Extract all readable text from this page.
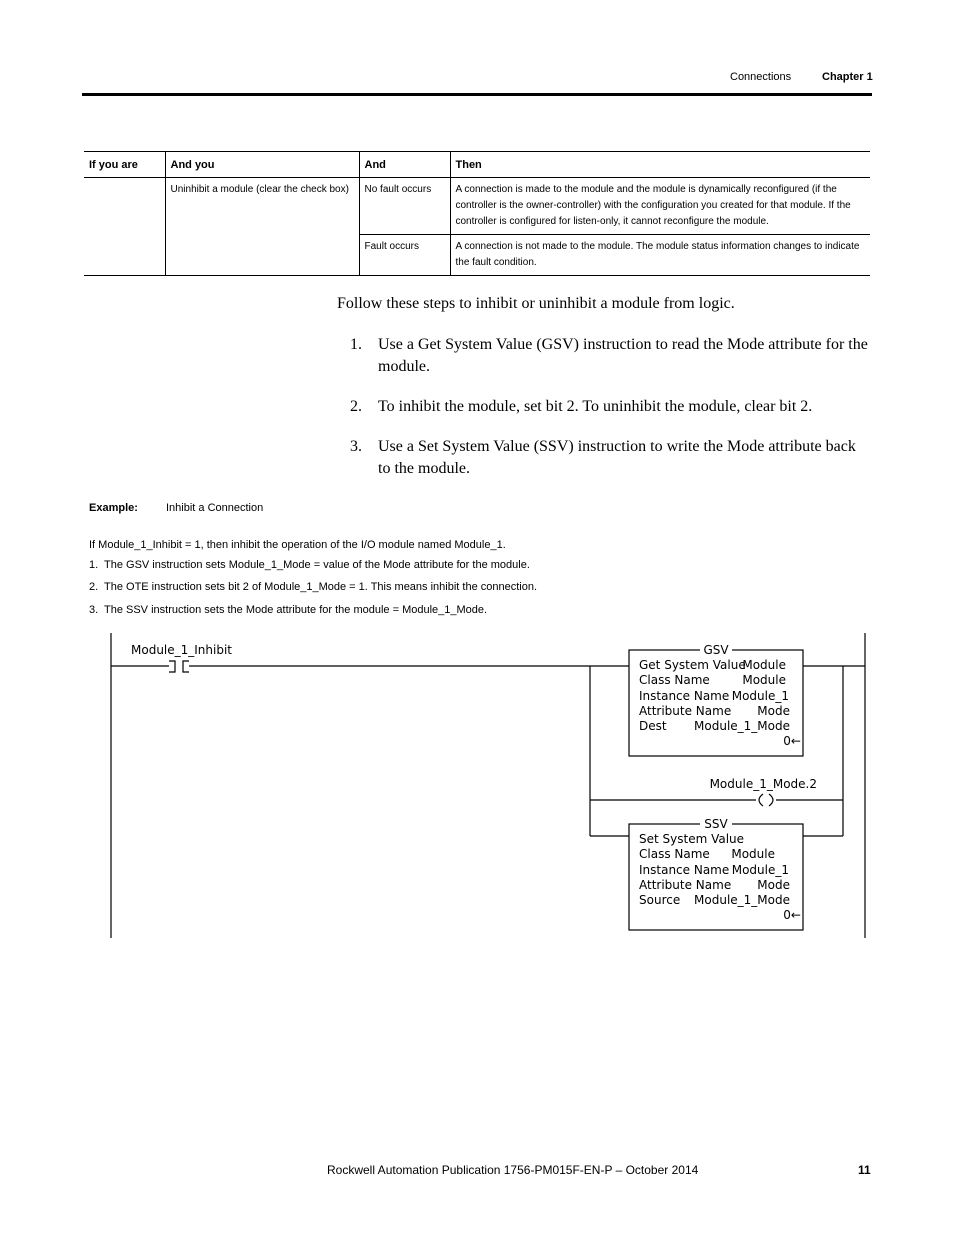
Connections	Chapter 1
If you are	And you	And	Then
	Uninhibit a module (clear the check box)	No fault occurs	A connection is made to the module and the module is dynamically reconfigured (if the controller is the owner-controller) with the configuration you created for that module. If the controller is configured for listen-only, it cannot reconfigure the module.
		Fault occurs	A connection is not made to the module. The module status information changes to indicate the fault condition.
Follow these steps to inhibit or uninhibit a module from logic.
1. Use a Get System Value (GSV) instruction to read the Mode attribute for the module.
2. To inhibit the module, set bit 2. To uninhibit the module, clear bit 2.
3. Use a Set System Value (SSV) instruction to write the Mode attribute back to the module.
Example:	Inhibit a Connection
If Module_1_Inhibit = 1, then inhibit the operation of the I/O module named Module_1.
1. The GSV instruction sets Module_1_Mode = value of the Mode attribute for the module.
2. The OTE instruction sets bit 2 of Module_1_Mode = 1. This means inhibit the connection.
3. The SSV instruction sets the Mode attribute for the module = Module_1_Mode.
Module_1_Inhibit
Module_1_Mode.2
GSV
Get System Value
Module
Class Name	Module
Instance Name Module_1
Attribute Name Mode
Dest Module_1_Mode
0←
SSV
Set System Value
Class Name Module
Instance Name Module_1
Attribute Name Mode
Source Module_1_Mode
0←
Rockwell Automation Publication 1756-PM015F-EN-P – October 2014	11
